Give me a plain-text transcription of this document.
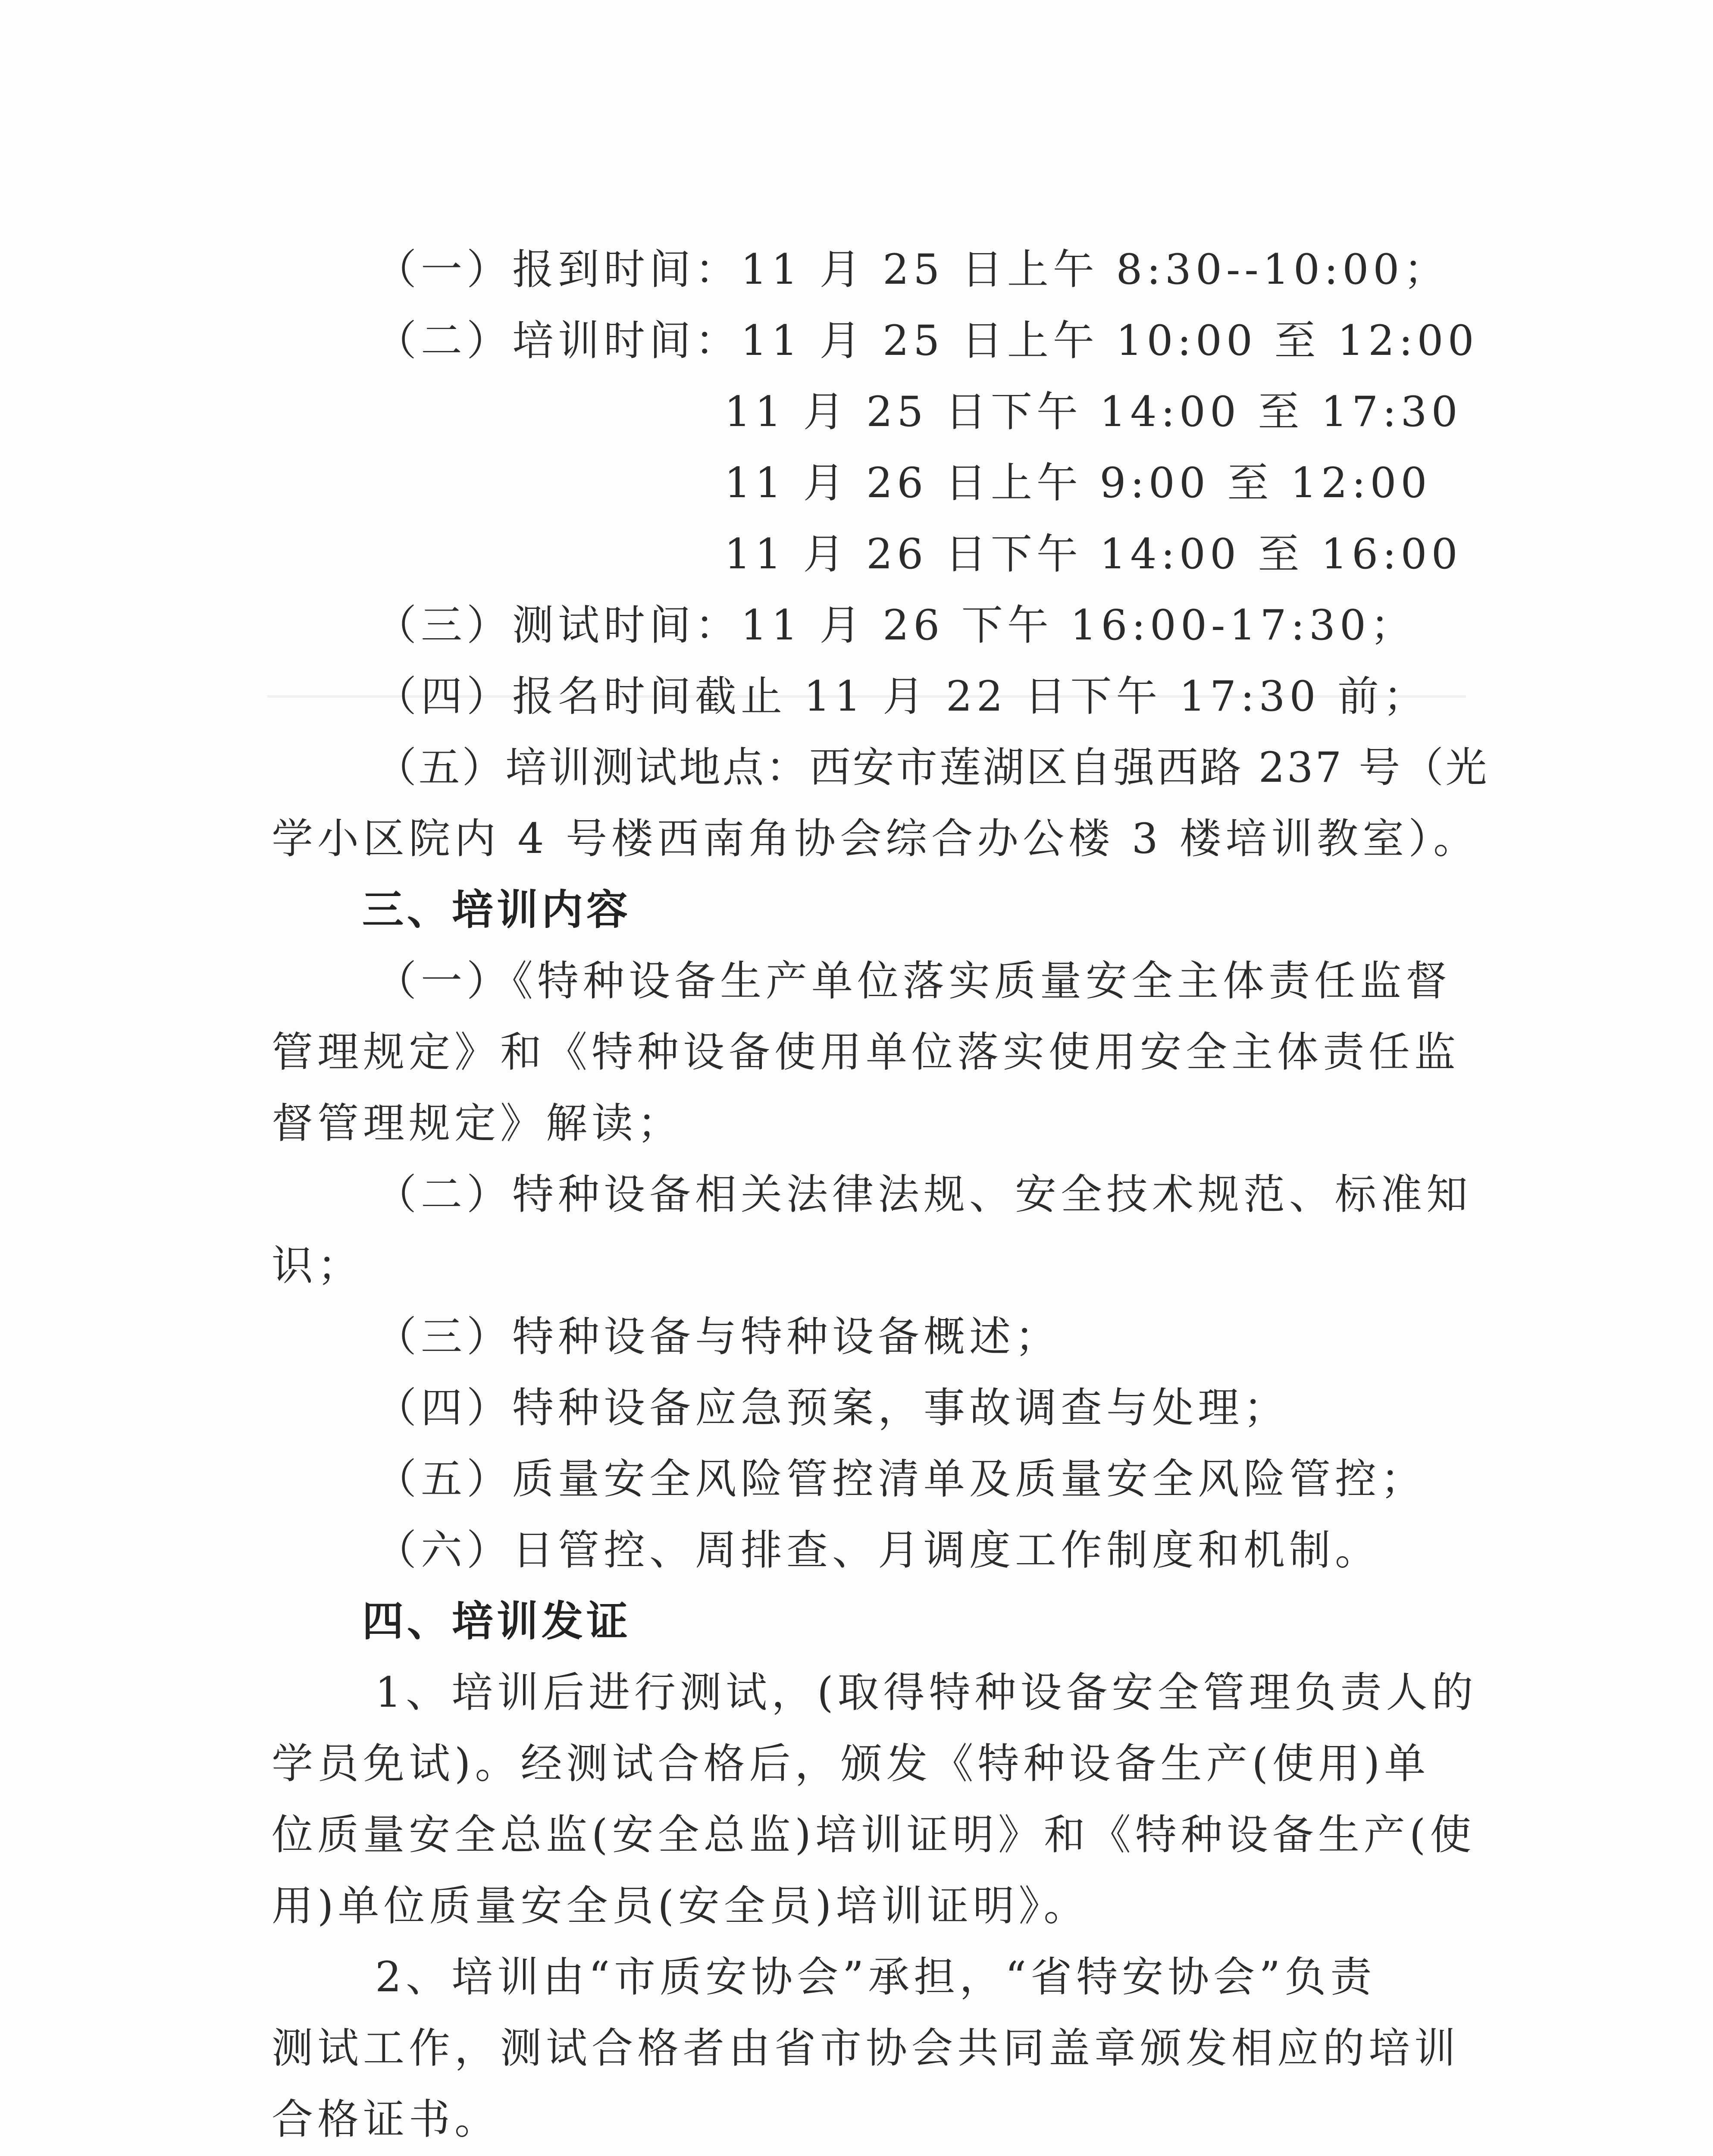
（一）报到时间：11 月 25 日上午 8:30--10:00；
（二）培训时间：11 月 25 日上午 10:00 至 12:00
11 月 25 日下午 14:00 至 17:30
11 月 26 日上午 9:00 至 12:00
11 月 26 日下午 14:00 至 16:00
（三）测试时间：11 月 26 下午 16:00-17:30；
（四）报名时间截止 11 月 22 日下午 17:30 前；
（五）培训测试地点：西安市莲湖区自强西路 237 号（光
学小区院内 4 号楼西南角协会综合办公楼 3 楼培训教室）。
三、培训内容
（一）《特种设备生产单位落实质量安全主体责任监督
管理规定》和《特种设备使用单位落实使用安全主体责任监
督管理规定》解读；
（二）特种设备相关法律法规、安全技术规范、标准知
识；
（三）特种设备与特种设备概述；
（四）特种设备应急预案，事故调查与处理；
（五）质量安全风险管控清单及质量安全风险管控；
（六）日管控、周排查、月调度工作制度和机制。
四、培训发证
1、培训后进行测试，(取得特种设备安全管理负责人的
学员免试)。经测试合格后，颁发《特种设备生产(使用)单
位质量安全总监(安全总监)培训证明》和《特种设备生产(使
用)单位质量安全员(安全员)培训证明》。
2、培训由“市质安协会”承担，“省特安协会”负责
测试工作，测试合格者由省市协会共同盖章颁发相应的培训
合格证书。
